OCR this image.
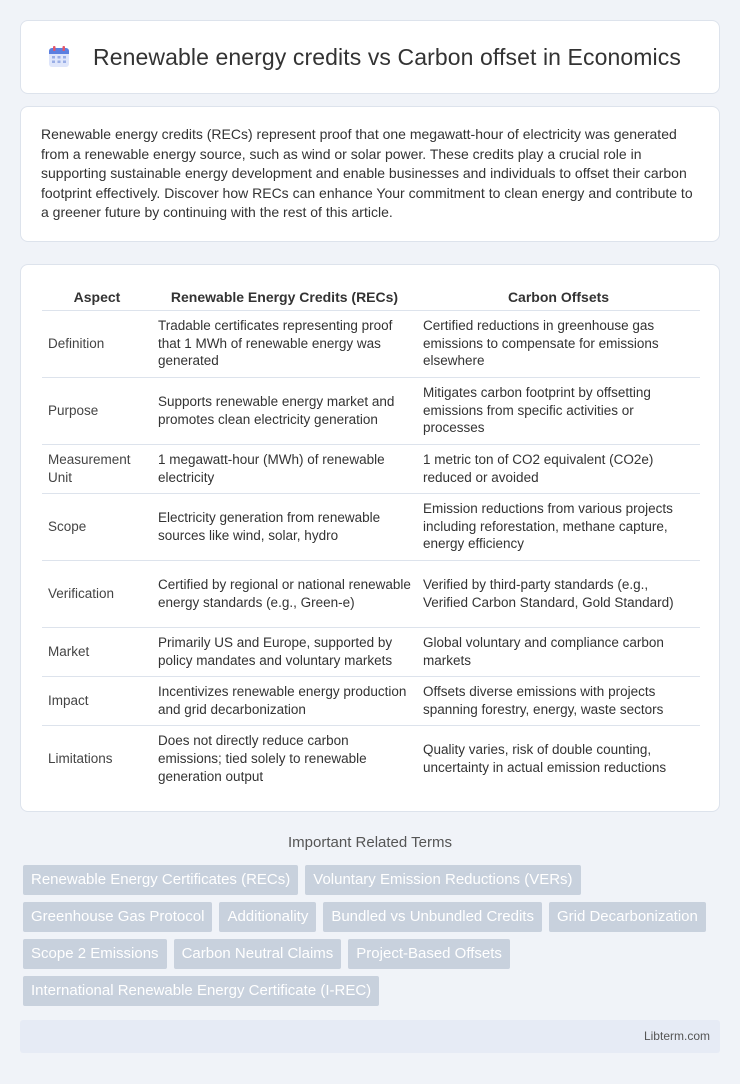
Renewable energy credits vs Carbon offset in Economics

Renewable energy credits (RECs) represent proof that one megawatt-hour of electricity was generated from a renewable energy source, such as wind or solar power. These credits play a crucial role in supporting sustainable energy development and enable businesses and individuals to offset their carbon footprint effectively. Discover how RECs can enhance Your commitment to clean energy and contribute to a greener future by continuing with the rest of this article.

Aspect	Renewable Energy Credits (RECs)	Carbon Offsets
Definition	Tradable certificates representing proof that 1 MWh of renewable energy was generated	Certified reductions in greenhouse gas emissions to compensate for emissions elsewhere
Purpose	Supports renewable energy market and promotes clean electricity generation	Mitigates carbon footprint by offsetting emissions from specific activities or processes
Measurement Unit	1 megawatt-hour (MWh) of renewable electricity	1 metric ton of CO2 equivalent (CO2e) reduced or avoided
Scope	Electricity generation from renewable sources like wind, solar, hydro	Emission reductions from various projects including reforestation, methane capture, energy efficiency
Verification	Certified by regional or national renewable energy standards (e.g., Green-e)	Verified by third-party standards (e.g., Verified Carbon Standard, Gold Standard)
Market	Primarily US and Europe, supported by policy mandates and voluntary markets	Global voluntary and compliance carbon markets
Impact	Incentivizes renewable energy production and grid decarbonization	Offsets diverse emissions with projects spanning forestry, energy, waste sectors
Limitations	Does not directly reduce carbon emissions; tied solely to renewable generation output	Quality varies, risk of double counting, uncertainty in actual emission reductions
Important Related Terms
Renewable Energy Certificates (RECs)	Voluntary Emission Reductions (VERs)
Greenhouse Gas Protocol	Additionality	Bundled vs Unbundled Credits	Grid Decarbonization
Scope 2 Emissions	Carbon Neutral Claims	Project-Based Offsets
International Renewable Energy Certificate (I-REC)
Libterm.com
